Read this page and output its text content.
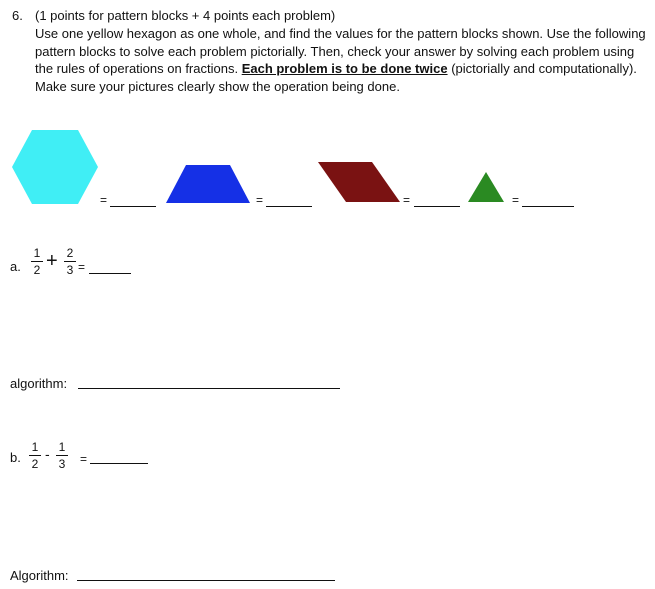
6. (1 points for pattern blocks + 4 points each problem)
Use one yellow hexagon as one whole, and find the values for the pattern blocks shown. Use the following pattern blocks to solve each problem pictorially. Then, check your answer by solving each problem using the rules of operations on fractions. Each problem is to be done twice (pictorially and computationally). Make sure your pictures clearly show the operation being done.
=	=	=	=
a.
1
2 + 2
3 =
algorithm:
b.
1
2
- 1
3 =
Algorithm:
